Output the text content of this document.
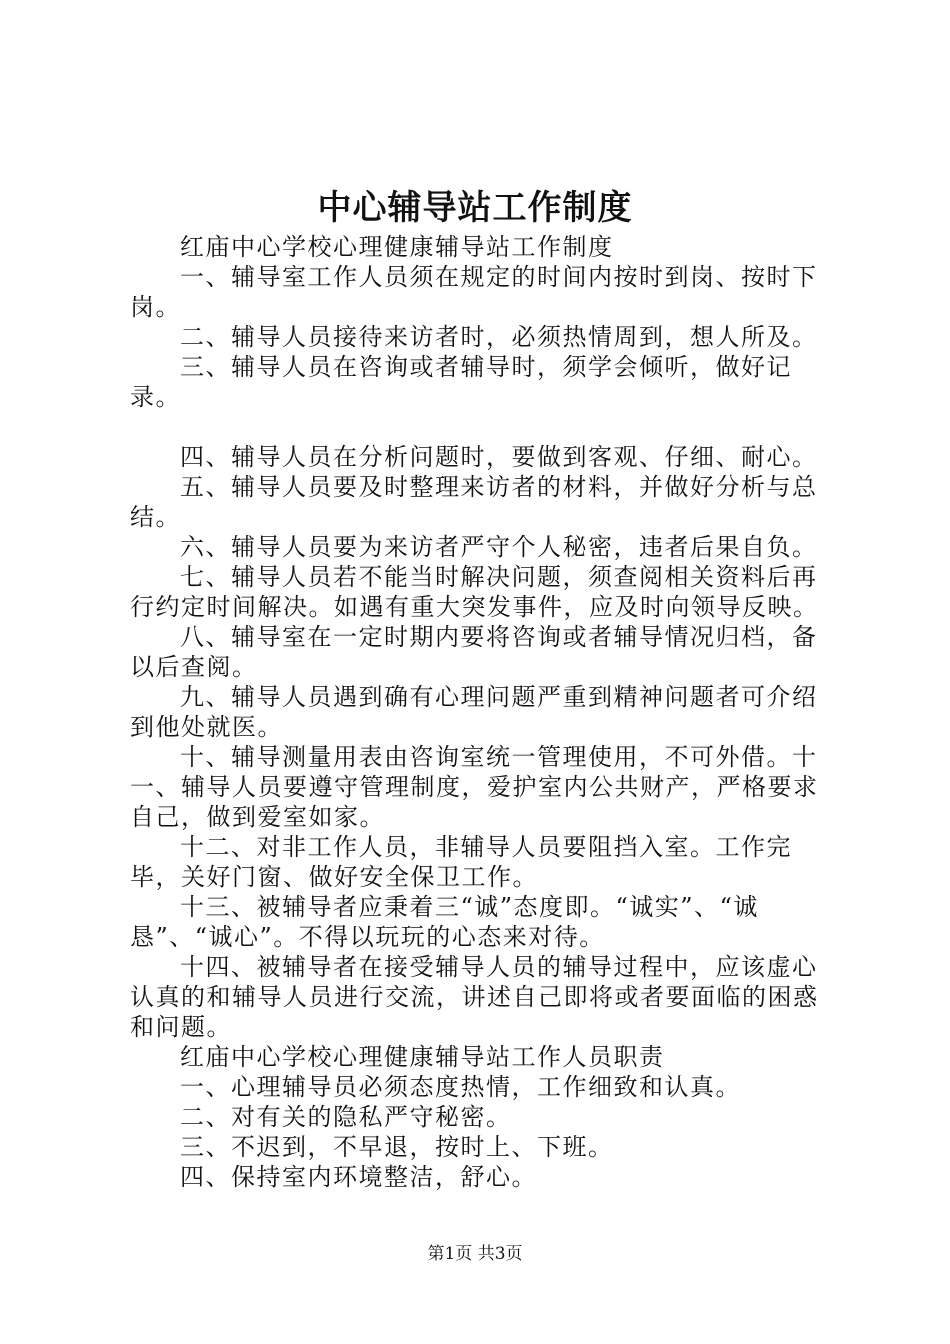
中心辅导站工作制度

红庙中心学校心理健康辅导站工作制度

一、辅导室工作人员须在规定的时间内按时到岗、按时下岗。

二、辅导人员接待来访者时，必须热情周到，想人所及。

三、辅导人员在咨询或者辅导时，须学会倾听，做好记录。

四、辅导人员在分析问题时，要做到客观、仔细、耐心。

五、辅导人员要及时整理来访者的材料，并做好分析与总结。

六、辅导人员要为来访者严守个人秘密，违者后果自负。

七、辅导人员若不能当时解决问题，须查阅相关资料后再行约定时间解决。如遇有重大突发事件，应及时向领导反映。

八、辅导室在一定时期内要将咨询或者辅导情况归档，备以后查阅。

九、辅导人员遇到确有心理问题严重到精神问题者可介绍到他处就医。

十、辅导测量用表由咨询室统一管理使用，不可外借。十一、辅导人员要遵守管理制度，爱护室内公共财产，严格要求自己，做到爱室如家。

十二、对非工作人员，非辅导人员要阻挡入室。工作完毕，关好门窗、做好安全保卫工作。

十三、被辅导者应秉着三“诚”态度即。“诚实”、“诚恳”、“诚心”。不得以玩玩的心态来对待。

十四、被辅导者在接受辅导人员的辅导过程中，应该虚心认真的和辅导人员进行交流，讲述自己即将或者要面临的困惑和问题。

红庙中心学校心理健康辅导站工作人员职责

一、心理辅导员必须态度热情，工作细致和认真。

二、对有关的隐私严守秘密。

三、不迟到，不早退，按时上、下班。

四、保持室内环境整洁，舒心。

第1页 共3页
